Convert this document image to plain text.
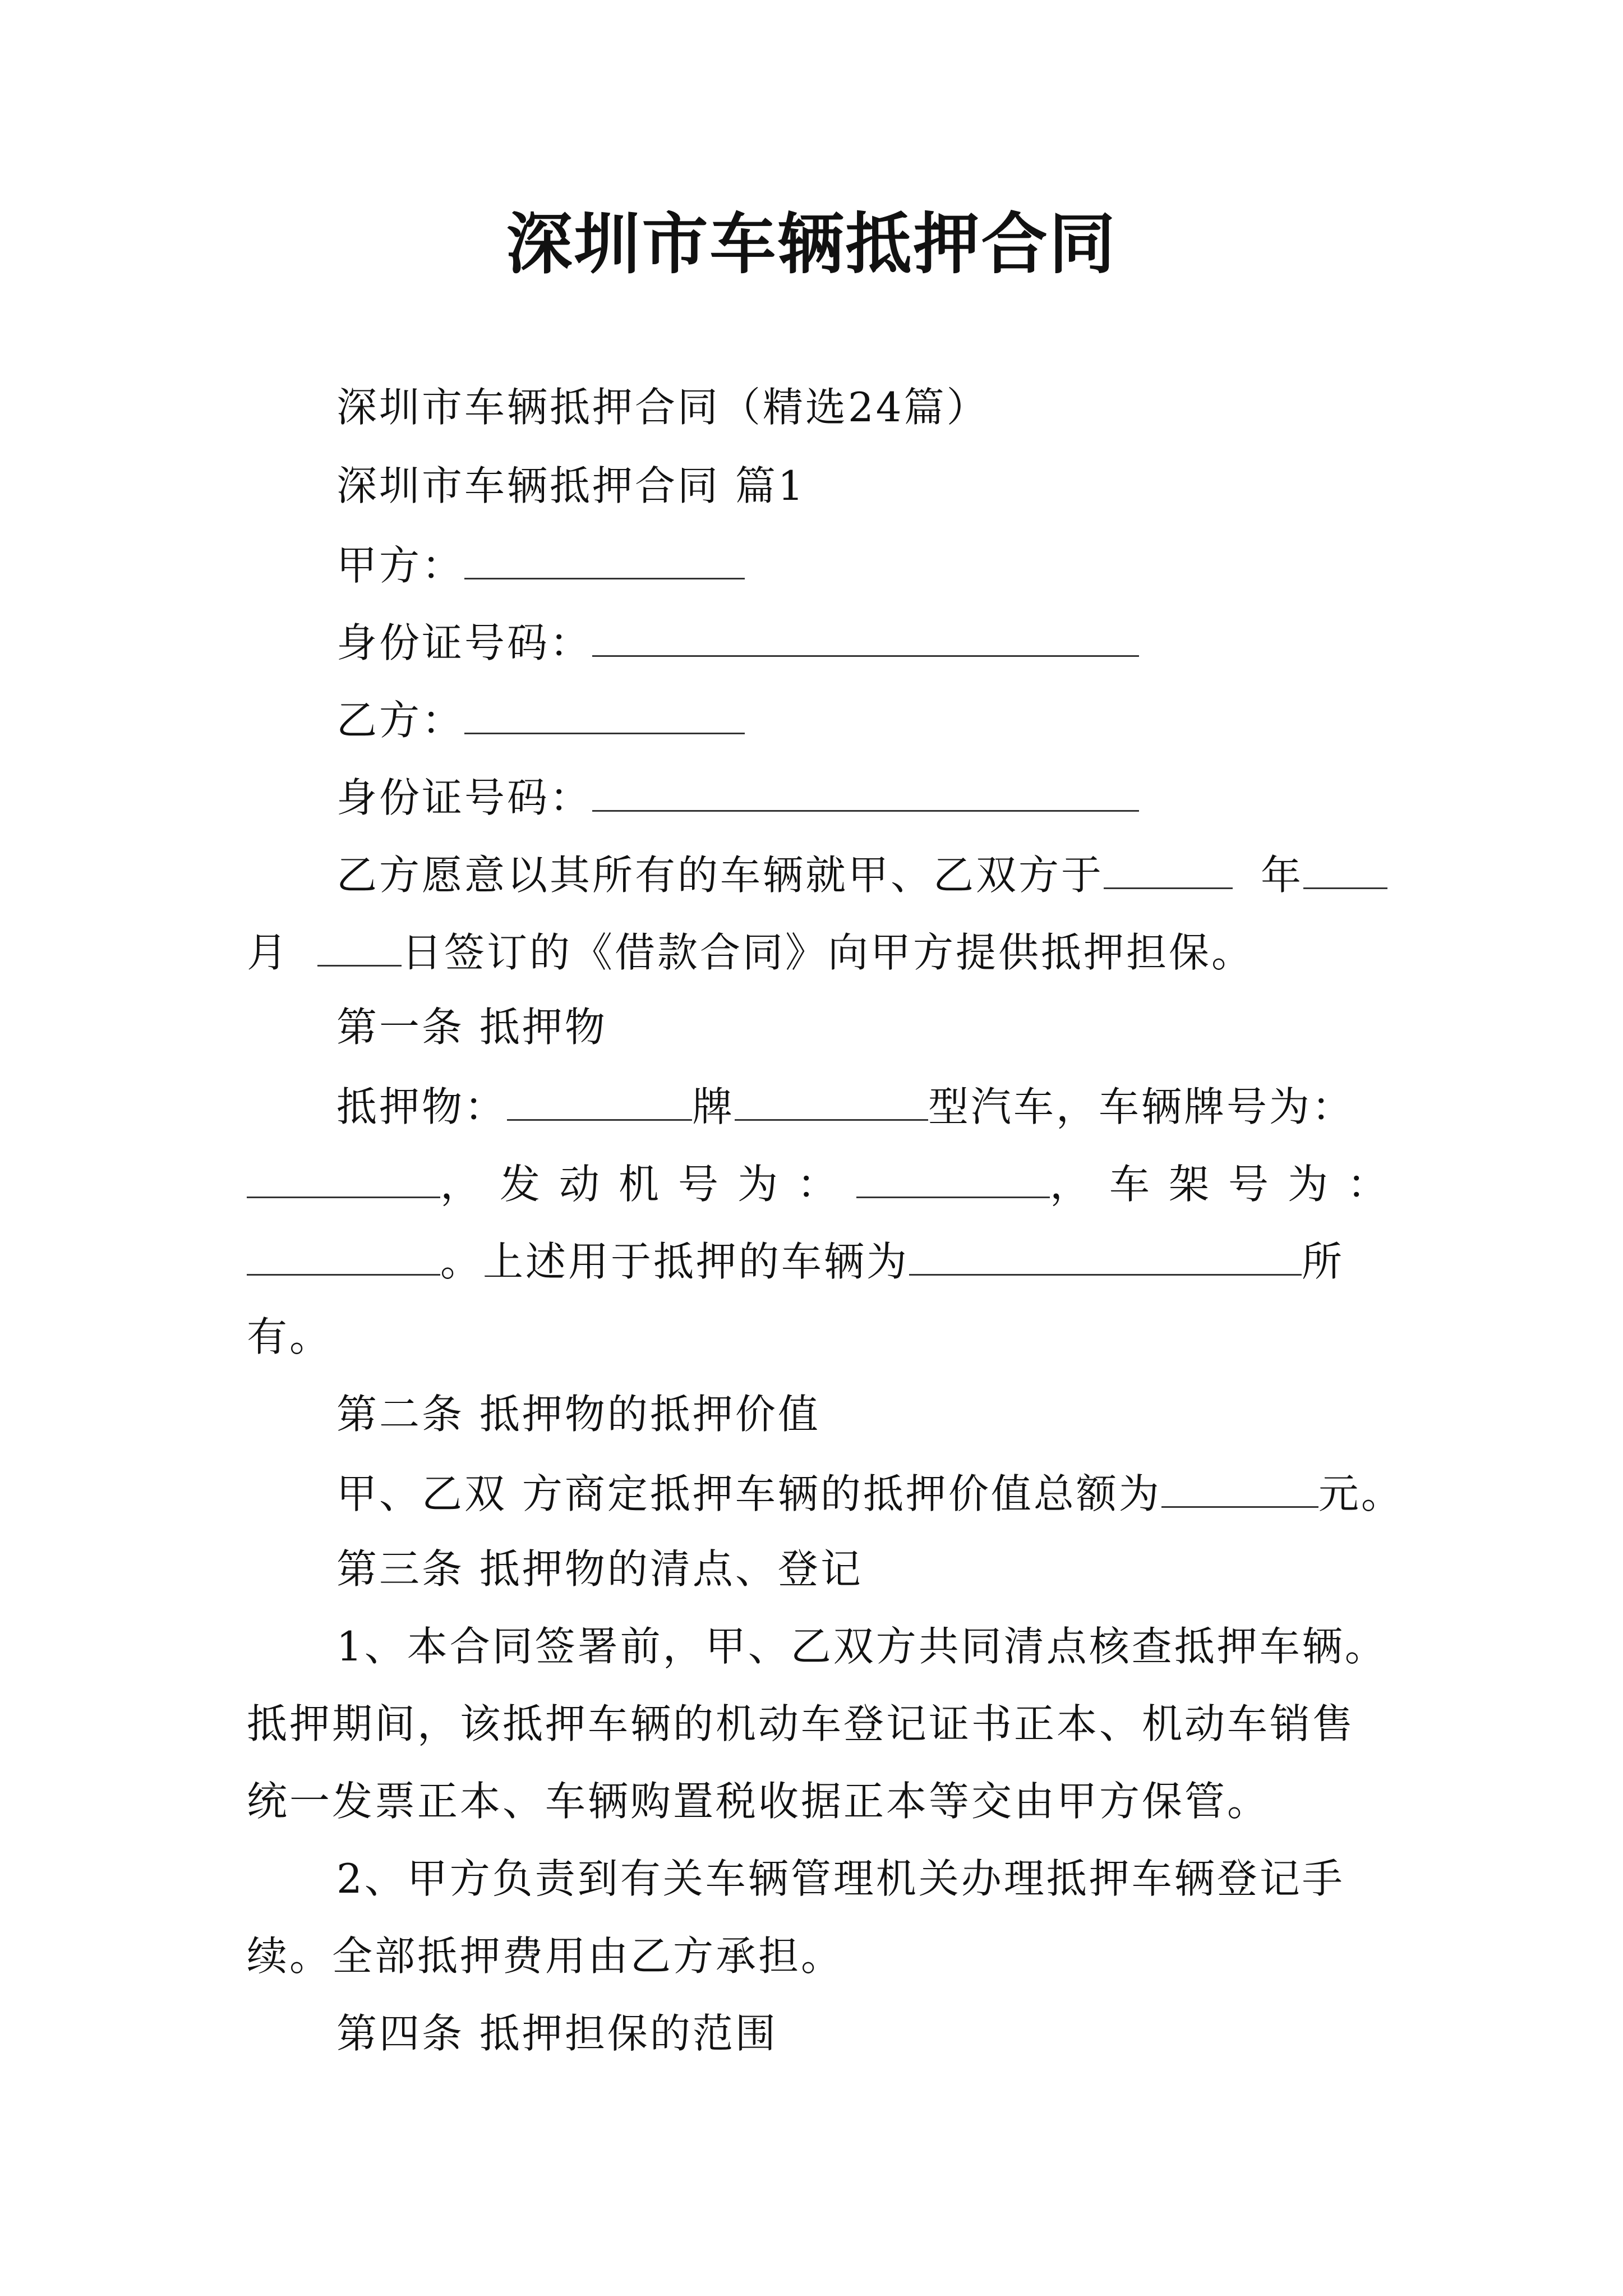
深圳市车辆抵押合同

深圳市车辆抵押合同（精选24篇）

深圳市车辆抵押合同 篇1

甲方：

身份证号码：

乙方：

身份证号码：

乙方愿意以其所有的车辆就甲、乙双方于	年

月	日签订的《借款合同》向甲方提供抵押担保。

第一条 抵押物

抵押物：	牌	型汽车，车辆牌号为：

，发动机号为：	，车架号为：

。上述用于抵押的车辆为	所

有。

第二条 抵押物的抵押价值

甲、乙双 方商定抵押车辆的抵押价值总额为	元。

第三条 抵押物的清点、登记

1、本合同签署前，甲、乙双方共同清点核查抵押车辆。

抵押期间，该抵押车辆的机动车登记证书正本、机动车销售

统一发票正本、车辆购置税收据正本等交由甲方保管。

2、甲方负责到有关车辆管理机关办理抵押车辆登记手

续。全部抵押费用由乙方承担。

第四条 抵押担保的范围
